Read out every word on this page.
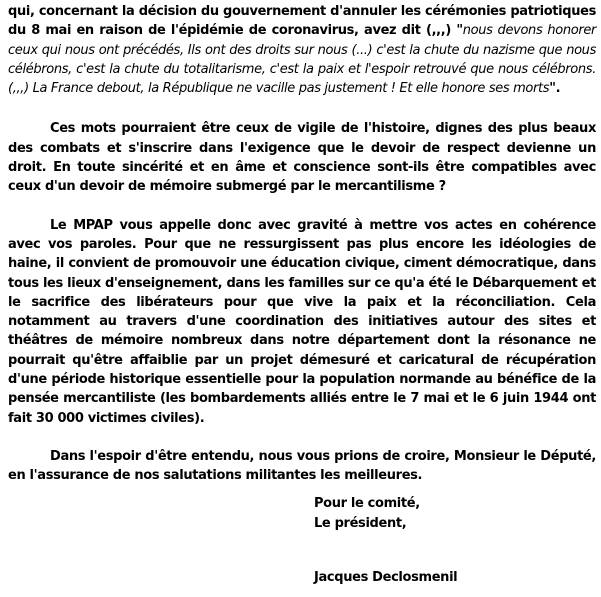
qui, concernant la décision du gouvernement d'annuler les cérémonies patriotiques du 8 mai en raison de l'épidémie de coronavirus, avez dit (,,,) "nous devons honorer ceux qui nous ont précédés, Ils ont des droits sur nous (...) c'est la chute du nazisme que nous célébrons, c'est la chute du totalitarisme, c'est la paix et l'espoir retrouvé que nous célébrons. (,,,) La France debout, la République ne vacille pas justement ! Et elle honore ses morts".

Ces mots pourraient être ceux de vigile de l'histoire, dignes des plus beaux des combats et s'inscrire dans l'exigence que le devoir de respect devienne un droit. En toute sincérité et en âme et conscience sont-ils être compatibles avec ceux d'un devoir de mémoire submergé par le mercantilisme ?

Le MPAP vous appelle donc avec gravité à mettre vos actes en cohérence avec vos paroles. Pour que ne ressurgissent pas plus encore les idéologies de haine, il convient de promouvoir une éducation civique, ciment démocratique, dans tous les lieux d'enseignement, dans les familles sur ce qu'a été le Débarquement et le sacrifice des libérateurs pour que vive la paix et la réconciliation. Cela notamment au travers d'une coordination des initiatives autour des sites et théâtres de mémoire nombreux dans notre département dont la résonance ne pourrait qu'être affaiblie par un projet démesuré et caricatural de récupération d'une période historique essentielle pour la population normande au bénéfice de la pensée mercantiliste (les bombardements alliés entre le 7 mai et le 6 juin 1944 ont fait 30 000 victimes civiles).

Dans l'espoir d'être entendu, nous vous prions de croire, Monsieur le Député, en l'assurance de nos salutations militantes les meilleures.

Pour le comité,
Le président,
Jacques Declosmenil
